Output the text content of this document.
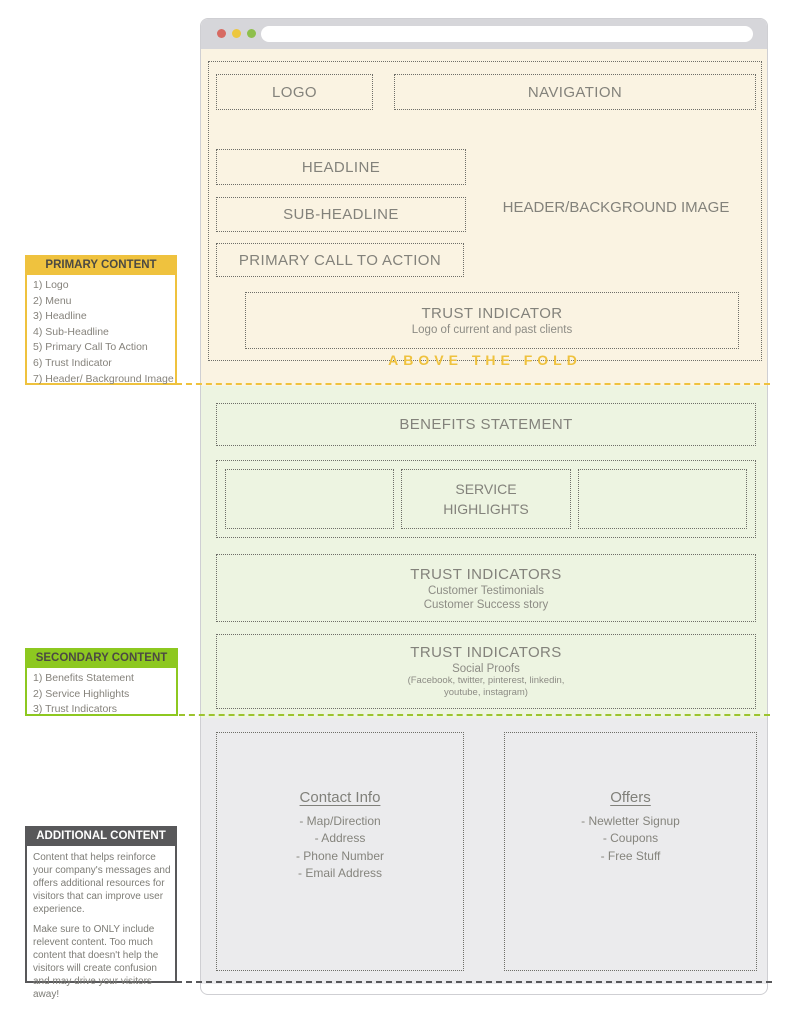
LOGO	NAVIGATION
HEADLINE
SUB-HEADLINE
PRIMARY CALL TO ACTION
HEADER/BACKGROUND IMAGE
TRUST INDICATOR
Logo of current and past clients
ABOVE THE FOLD
BENEFITS STATEMENT
SERVICE
HIGHLIGHTS
TRUST INDICATORS
Customer Testimonials
Customer Success story
TRUST INDICATORS
Social Proofs
(Facebook, twitter, pinterest, linkedin,
youtube, instagram)
Contact Info
- Map/Direction
- Address
- Phone Number
- Email Address
Offers
- Newletter Signup
- Coupons
- Free Stuff
PRIMARY CONTENT
1) Logo
2) Menu
3) Headline
4) Sub-Headline
5) Primary Call To Action
6) Trust Indicator
7) Header/ Background Image
SECONDARY CONTENT
1) Benefits Statement
2) Service Highlights
3) Trust Indicators
ADDITIONAL CONTENT
Content that helps reinforce your company's messages and offers additional resources for visitors that can improve user experience.
Make sure to ONLY include relevent content. Too much content that doesn't help the visitors will create confusion and may drive your visitors away!
